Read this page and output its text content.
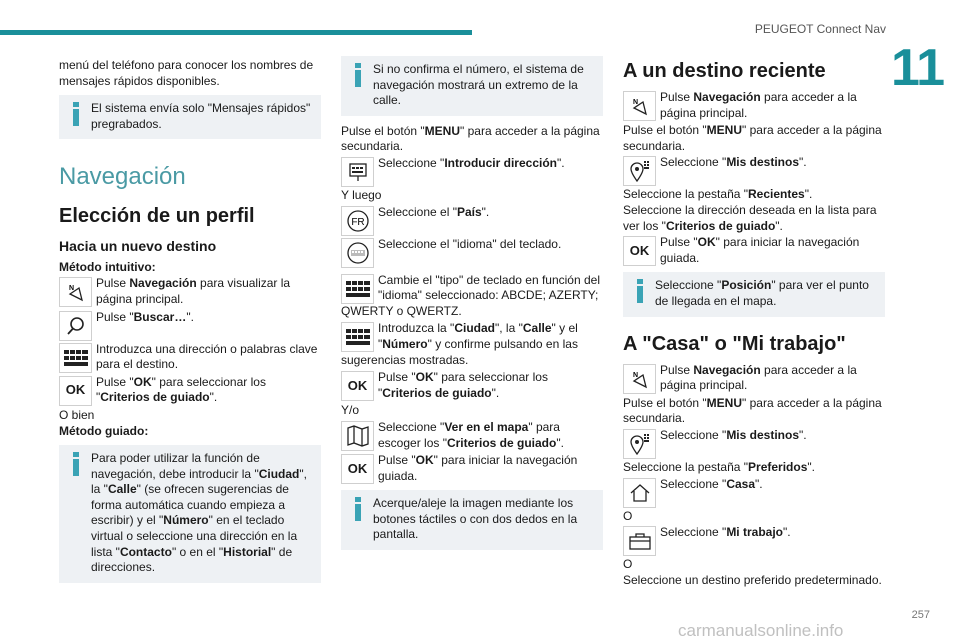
PEUGEOT Connect Nav
11
257
carmanualsonline.info

menú del teléfono para conocer los nombres de mensajes rápidos disponibles.

El sistema envía solo "Mensajes rápidos" pregrabados.
Navegación
Elección de un perfil
Hacia un nuevo destino
Método intuitivo:
N Pulse Navegación para visualizar la página principal.
Pulse "Buscar…".
Introduzca una dirección o palabras clave para el destino.
OK
Pulse "OK" para seleccionar los "Criterios de guiado".

O bien

Método guiado:

Para poder utilizar la función de navegación, debe introducir la "Ciudad", la "Calle" (se ofrecen sugerencias de forma automática cuando empieza a escribir) y el "Número" en el teclado virtual o seleccione una dirección en la lista "Contacto" o en el "Historial" de direcciones.
Si no confirma el número, el sistema de navegación mostrará un extremo de la calle.

Pulse el botón "MENU" para acceder a la página secundaria.

Seleccione "Introducir dirección".

Y luego

FR
Seleccione el "País".
Seleccione el "idioma" del teclado.
Cambie el "tipo" de teclado en función del "idioma" seleccionado: ABCDE; AZERTY; QWERTY o QWERTZ.
Introduzca la "Ciudad", la "Calle" y el "Número" y confirme pulsando en las sugerencias mostradas.
OK
Pulse "OK" para seleccionar los "Criterios de guiado".

Y/o

Seleccione "Ver en el mapa" para escoger los "Criterios de guiado".
OK
Pulse "OK" para iniciar la navegación guiada.
Acerque/aleje la imagen mediante los botones táctiles o con dos dedos en la pantalla.
A un destino reciente
N Pulse Navegación para acceder a la página principal.

Pulse el botón "MENU" para acceder a la página secundaria.

Seleccione "Mis destinos".

Seleccione la pestaña "Recientes".

Seleccione la dirección deseada en la lista para ver los "Criterios de guiado".

OK
Pulse "OK" para iniciar la navegación guiada.
Seleccione "Posición" para ver el punto de llegada en el mapa.
A "Casa" o "Mi trabajo"
N Pulse Navegación para acceder a la página principal.

Pulse el botón "MENU" para acceder a la página secundaria.

Seleccione "Mis destinos".

Seleccione la pestaña "Preferidos".

Seleccione "Casa".

O

Seleccione "Mi trabajo".

O

Seleccione un destino preferido predeterminado.
